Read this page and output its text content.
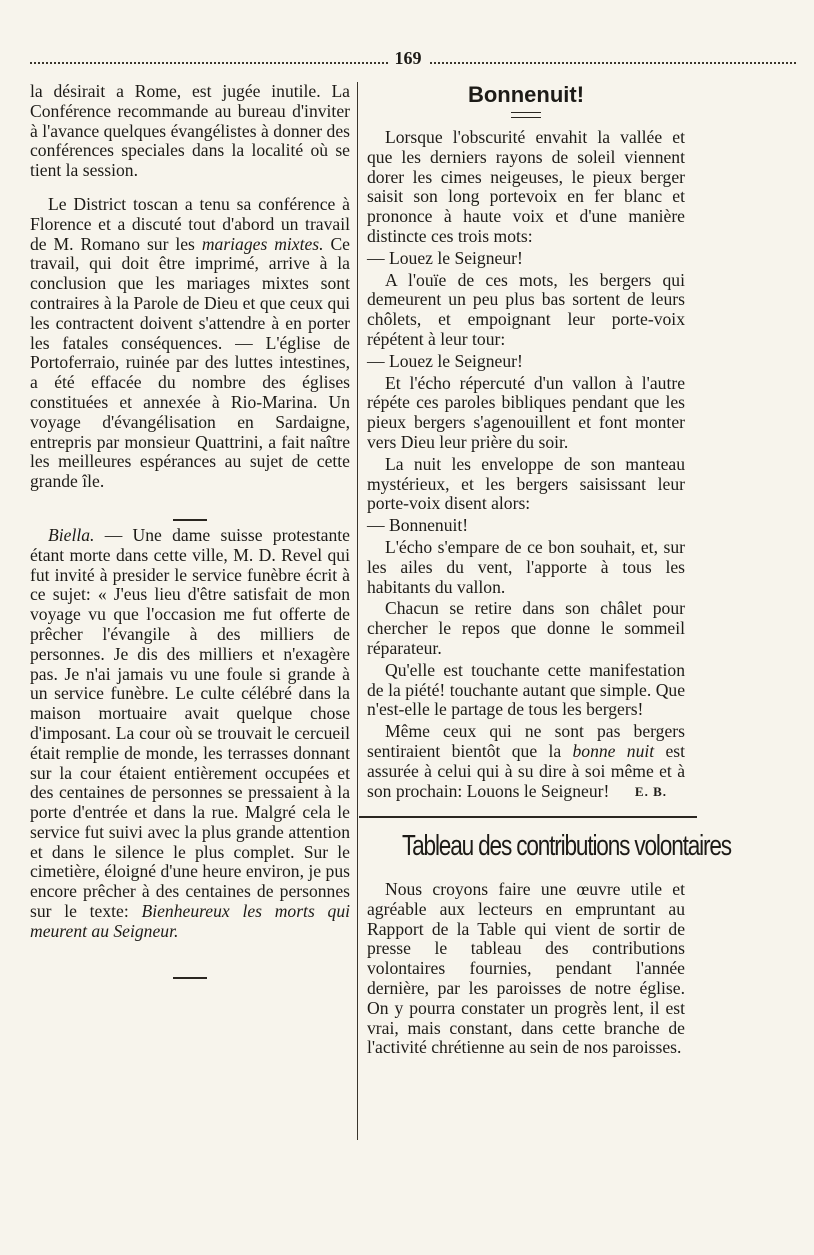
169

la désirait a Rome, est jugée inutile. La Conférence recommande au bureau d'inviter à l'avance quelques évangélistes à donner des conférences speciales dans la localité où se tient la session.

Le District toscan a tenu sa conférence à Florence et a discuté tout d'abord un travail de M. Romano sur les mariages mixtes. Ce travail, qui doit être imprimé, arrive à la conclusion que les mariages mixtes sont contraires à la Parole de Dieu et que ceux qui les contractent doivent s'attendre à en porter les fatales conséquences. — L'église de Portoferraio, ruinée par des luttes intestines, a été effacée du nombre des églises constituées et annexée à Rio-Marina. Un voyage d'évangélisation en Sardaigne, entrepris par monsieur Quattrini, a fait naître les meilleures espérances au sujet de cette grande île.

Biella. — Une dame suisse protestante étant morte dans cette ville, M. D. Revel qui fut invité à presider le service funèbre écrit à ce sujet: « J'eus lieu d'être satisfait de mon voyage vu que l'occasion me fut offerte de prêcher l'évangile à des milliers de personnes. Je dis des milliers et n'exagère pas. Je n'ai jamais vu une foule si grande à un service funèbre. Le culte célébré dans la maison mortuaire avait quelque chose d'imposant. La cour où se trouvait le cercueil était remplie de monde, les terrasses donnant sur la cour étaient entièrement occupées et des centaines de personnes se pressaient à la porte d'entrée et dans la rue. Malgré cela le service fut suivi avec la plus grande attention et dans le silence le plus complet. Sur le cimetière, éloigné d'une heure environ, je pus encore prêcher à des centaines de personnes sur le texte: Bienheureux les morts qui meurent au Seigneur.

Bonnenuit!

Lorsque l'obscurité envahit la vallée et que les derniers rayons de soleil viennent dorer les cimes neigeuses, le pieux berger saisit son long portevoix en fer blanc et prononce à haute voix et d'une manière distincte ces trois mots:

— Louez le Seigneur!

A l'ouïe de ces mots, les bergers qui demeurent un peu plus bas sortent de leurs chôlets, et empoignant leur porte-voix répétent à leur tour:

— Louez le Seigneur!

Et l'écho répercuté d'un vallon à l'autre répéte ces paroles bibliques pendant que les pieux bergers s'agenouillent et font monter vers Dieu leur prière du soir.

La nuit les enveloppe de son manteau mystérieux, et les bergers saisissant leur porte-voix disent alors:

— Bonnenuit!

L'écho s'empare de ce bon souhait, et, sur les ailes du vent, l'apporte à tous les habitants du vallon.

Chacun se retire dans son châlet pour chercher le repos que donne le sommeil réparateur.

Qu'elle est touchante cette manifestation de la piété! touchante autant que simple. Que n'est-elle le partage de tous les bergers!

Même ceux qui ne sont pas bergers sentiraient bientôt que la bonne nuit est assurée à celui qui à su dire à soi même et à son prochain: Louons le Seigneur!	E. B.
Tableau des contributions volontaires

Nous croyons faire une œuvre utile et agréable aux lecteurs en empruntant au Rapport de la Table qui vient de sortir de presse le tableau des contributions volontaires fournies, pendant l'année dernière, par les paroisses de notre église. On y pourra constater un progrès lent, il est vrai, mais constant, dans cette branche de l'activité chrétienne au sein de nos paroisses.
